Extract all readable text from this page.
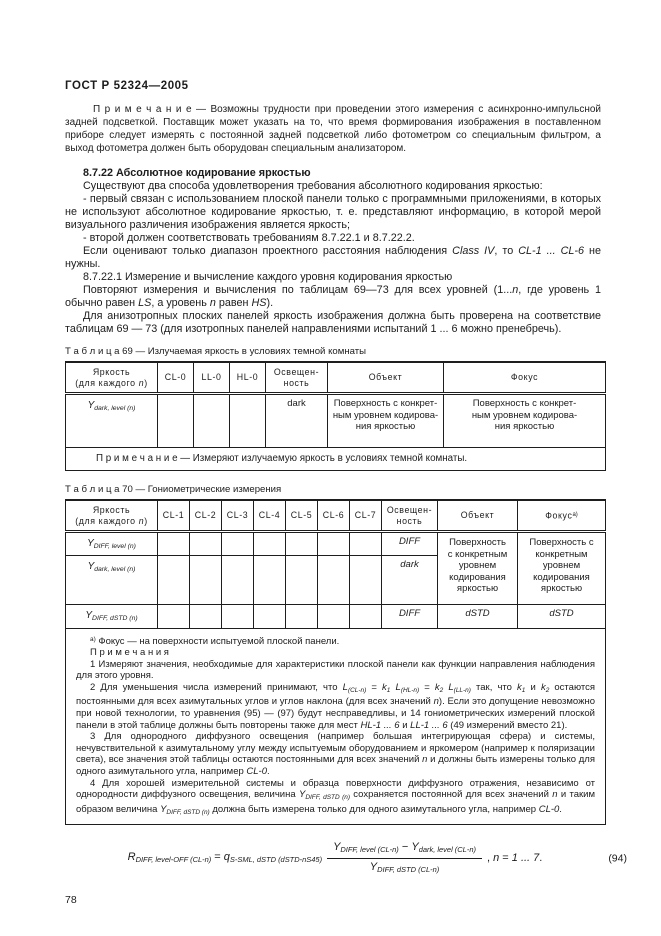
ГОСТ Р 52324—2005

П р и м е ч а н и е — Возможны трудности при проведении этого измерения с асинхронно-импульсной задней подсветкой. Поставщик может указать на то, что время формирования изображения в поставленном приборе следует измерять с постоянной задней подсветкой либо фотометром со специальным фильтром, а выход фотометра должен быть оборудован специальным анализатором.

8.7.22 Абсолютное кодирование яркостью

Существуют два способа удовлетворения требования абсолютного кодирования яркостью:

- первый связан с использованием плоской панели только с программными приложениями, в которых не используют абсолютное кодирование яркостью, т. е. представляют информацию, в которой мерой визуального различения изображения является яркость;

- второй должен соответствовать требованиям 8.7.22.1 и 8.7.22.2.

Если оценивают только диапазон проектного расстояния наблюдения Class IV, то CL-1 ... CL-6 не нужны.

8.7.22.1 Измерение и вычисление каждого уровня кодирования яркостью

Повторяют измерения и вычисления по таблицам 69—73 для всех уровней (1...n, где уровень 1 обычно равен LS, а уровень n равен HS).

Для анизотропных плоских панелей яркость изображения должна быть проверена на соответствие таблицам 69 — 73 (для изотропных панелей направлениями испытаний 1 ... 6 можно пренебречь).

Т а б л и ц а 69 — Излучаемая яркость в условиях темной комнаты
Яркость
(для каждого n)	CL-0	LL-0	HL-0	Освещен-
ность	Объект	Фокус
Ydark, level (n)				dark	Поверхность с конкрет-
ным уровнем кодирова-
ния яркостью	Поверхность с конкрет-
ным уровнем кодирова-
ния яркостью
П р и м е ч а н и е — Измеряют излучаемую яркость в условиях темной комнаты.						
Т а б л и ц а 70 — Гониометрические измерения
Яркость
(для каждого n)	CL-1	CL-2	CL-3	CL-4	CL-5	CL-6	CL-7	Освещен-
ность	Объект	Фокус$^{а)}$
YDIFF, level (n)								DIFF	Поверхность
с конкретным
уровнем
кодирования
яркостью	Поверхность с
конкретным
уровнем
кодирования
яркостью
Ydark, level (n)								dark		
YDIFF, dSTD (n)								DIFF	dSTD	dSTD

$^{а)}$ Фокус — на поверхности испытуемой плоской панели.

П р и м е ч а н и я

1 Измеряют значения, необходимые для характеристики плоской панели как функции направления наблюдения для этого уровня.

2 Для уменьшения числа измерений принимают, что L(CL-n) = k1 L(HL-n) = k2 L(LL-n) так, что k1 и k2 остаются постоянными для всех азимутальных углов и углов наклона (для всех значений n). Если это допущение невозможно при новой технологии, то уравнения (95) — (97) будут несправедливы, и 14 гониометрических измерений плоской панели в этой таблице должны быть повторены также для мест HL-1 ... 6 и LL-1 ... 6 (49 измерений вместо 21).

3 Для однородного диффузного освещения (например большая интегрирующая сфера) и системы, нечувствительной к азимутальному углу между испытуемым оборудованием и яркомером (например к поляризации света), все значения этой таблицы остаются постоянными для всех значений n и должны быть измерены только для одного азимутального угла, например CL-0.

4 Для хорошей измерительной системы и образца поверхности диффузного отражения, независимо от однородности диффузного освещения, величина YDIFF, dSTD (n) сохраняется постоянной для всех значений n и таким образом величина YDIFF, dSTD (n) должна быть измерена только для одного азимутального угла, например CL-0.

RDIFF, level-OFF (CL-n) = qS-SML, dSTD (dSTD-nS45) $\frac{\text{YDIFF, level (CL-n) − Ydark, level (CL-n)}}{\text{YDIFF, dSTD (CL-n)}}$ , n = 1 ... 7.	(94)
78
